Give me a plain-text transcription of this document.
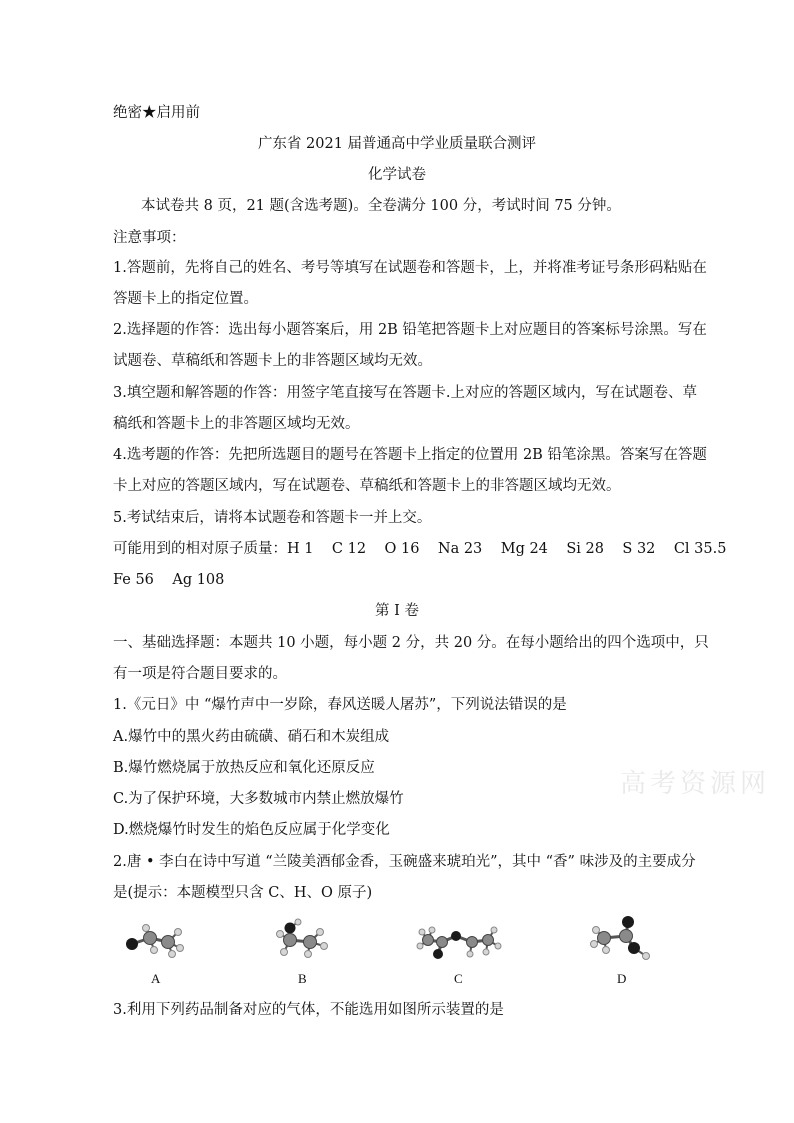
绝密★启用前
广东省 2021 届普通高中学业质量联合测评
化学试卷
本试卷共 8 页，21 题(含选考题)。全卷满分 100 分，考试时间 75 分钟。
注意事项：
1.答题前，先将自己的姓名、考号等填写在试题卷和答题卡，上，并将准考证号条形码粘贴在
答题卡上的指定位置。
2.选择题的作答：选出每小题答案后，用 2B 铅笔把答题卡上对应题目的答案标号涂黑。写在
试题卷、草稿纸和答题卡上的非答题区域均无效。
3.填空题和解答题的作答：用签字笔直接写在答题卡.上对应的答题区域内，写在试题卷、草
稿纸和答题卡上的非答题区域均无效。
4.选考题的作答：先把所选题目的题号在答题卡上指定的位置用 2B 铅笔涂黑。答案写在答题
卡上对应的答题区域内，写在试题卷、草稿纸和答题卡上的非答题区域均无效。
5.考试结束后，请将本试题卷和答题卡一并上交。
可能用到的相对原子质量：H 1    C 12    O 16    Na 23    Mg 24    Si 28    S 32    Cl 35.5
Fe 56    Ag 108
第 I 卷
一、基础选择题：本题共 10 小题，每小题 2 分，共 20 分。在每小题给出的四个选项中，只
有一项是符合题目要求的。
1.《元日》中 “爆竹声中一岁除，春风送暖人屠苏”，下列说法错误的是
A.爆竹中的黑火药由硫磺、硝石和木炭组成
B.爆竹燃烧属于放热反应和氧化还原反应
C.为了保护环境，大多数城市内禁止燃放爆竹
D.燃烧爆竹时发生的焰色反应属于化学变化
高考资源网
2.唐 • 李白在诗中写道 “兰陵美酒郁金香，玉碗盛来琥珀光”，其中 “香” 味涉及的主要成分
是(提示：本题模型只含 C、H、O 原子)
A	B	C	D
3.利用下列药品制备对应的气体，不能选用如图所示装置的是
